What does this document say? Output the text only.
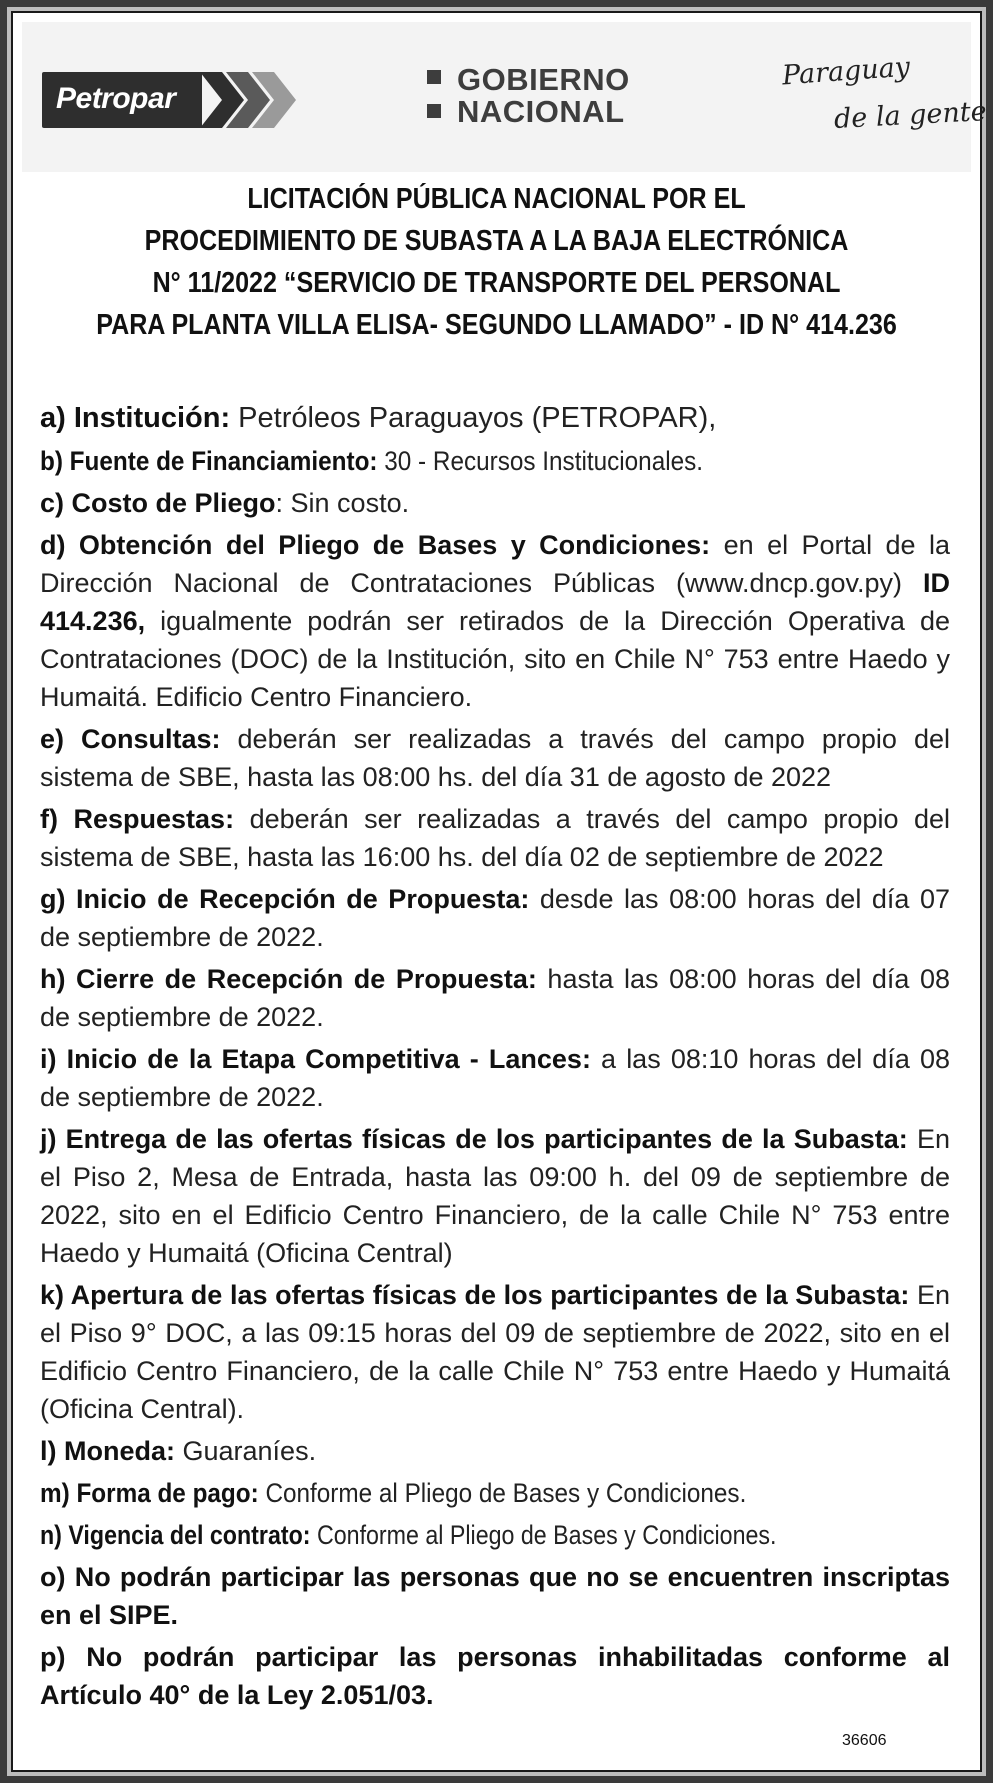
Petropar
GOBIERNO
NACIONAL
Paraguay
de la gente
LICITACIÓN PÚBLICA NACIONAL POR EL
PROCEDIMIENTO DE SUBASTA A LA BAJA ELECTRÓNICA
N° 11/2022 “SERVICIO DE TRANSPORTE DEL PERSONAL
PARA PLANTA VILLA ELISA- SEGUNDO LLAMADO” - ID N° 414.236

a) Institución: Petróleos Paraguayos (PETROPAR),

b) Fuente de Financiamiento: 30 - Recursos Institucionales.

c) Costo de Pliego: Sin costo.

d) Obtención del Pliego de Bases y Condiciones: en el Portal de la Dirección Nacional de Contrataciones Públicas (www.dncp.gov.py) ID 414.236, igualmente podrán ser retirados de la Dirección Operativa de Contrataciones (DOC) de la Institución, sito en Chile N° 753 entre Haedo y Humaitá. Edificio Centro Financiero.

e) Consultas: deberán ser realizadas a través del campo propio del sistema de SBE, hasta las 08:00 hs. del día 31 de agosto de 2022

f) Respuestas: deberán ser realizadas a través del campo propio del sistema de SBE, hasta las 16:00 hs. del día 02 de septiembre de 2022

g) Inicio de Recepción de Propuesta: desde las 08:00 horas del día 07 de septiembre de 2022.

h) Cierre de Recepción de Propuesta: hasta las 08:00 horas del día 08 de septiembre de 2022.

i) Inicio de la Etapa Competitiva - Lances: a las 08:10 horas del día 08 de septiembre de 2022.

j) Entrega de las ofertas físicas de los participantes de la Subasta: En el Piso 2, Mesa de Entrada, hasta las 09:00 h. del 09 de septiembre de 2022, sito en el Edificio Centro Financiero, de la calle Chile N° 753 entre Haedo y Humaitá (Oficina Central)

k) Apertura de las ofertas físicas de los participantes de la Subasta: En el Piso 9° DOC, a las 09:15 horas del 09 de septiembre de 2022, sito en el Edificio Centro Financiero, de la calle Chile N° 753 entre Haedo y Humaitá (Oficina Central).

l) Moneda: Guaraníes.

m) Forma de pago: Conforme al Pliego de Bases y Condiciones.

n) Vigencia del contrato: Conforme al Pliego de Bases y Condiciones.

o) No podrán participar las personas que no se encuentren inscriptas en el SIPE.

p) No podrán participar las personas inhabilitadas conforme al Artículo 40° de la Ley 2.051/03.

36606
